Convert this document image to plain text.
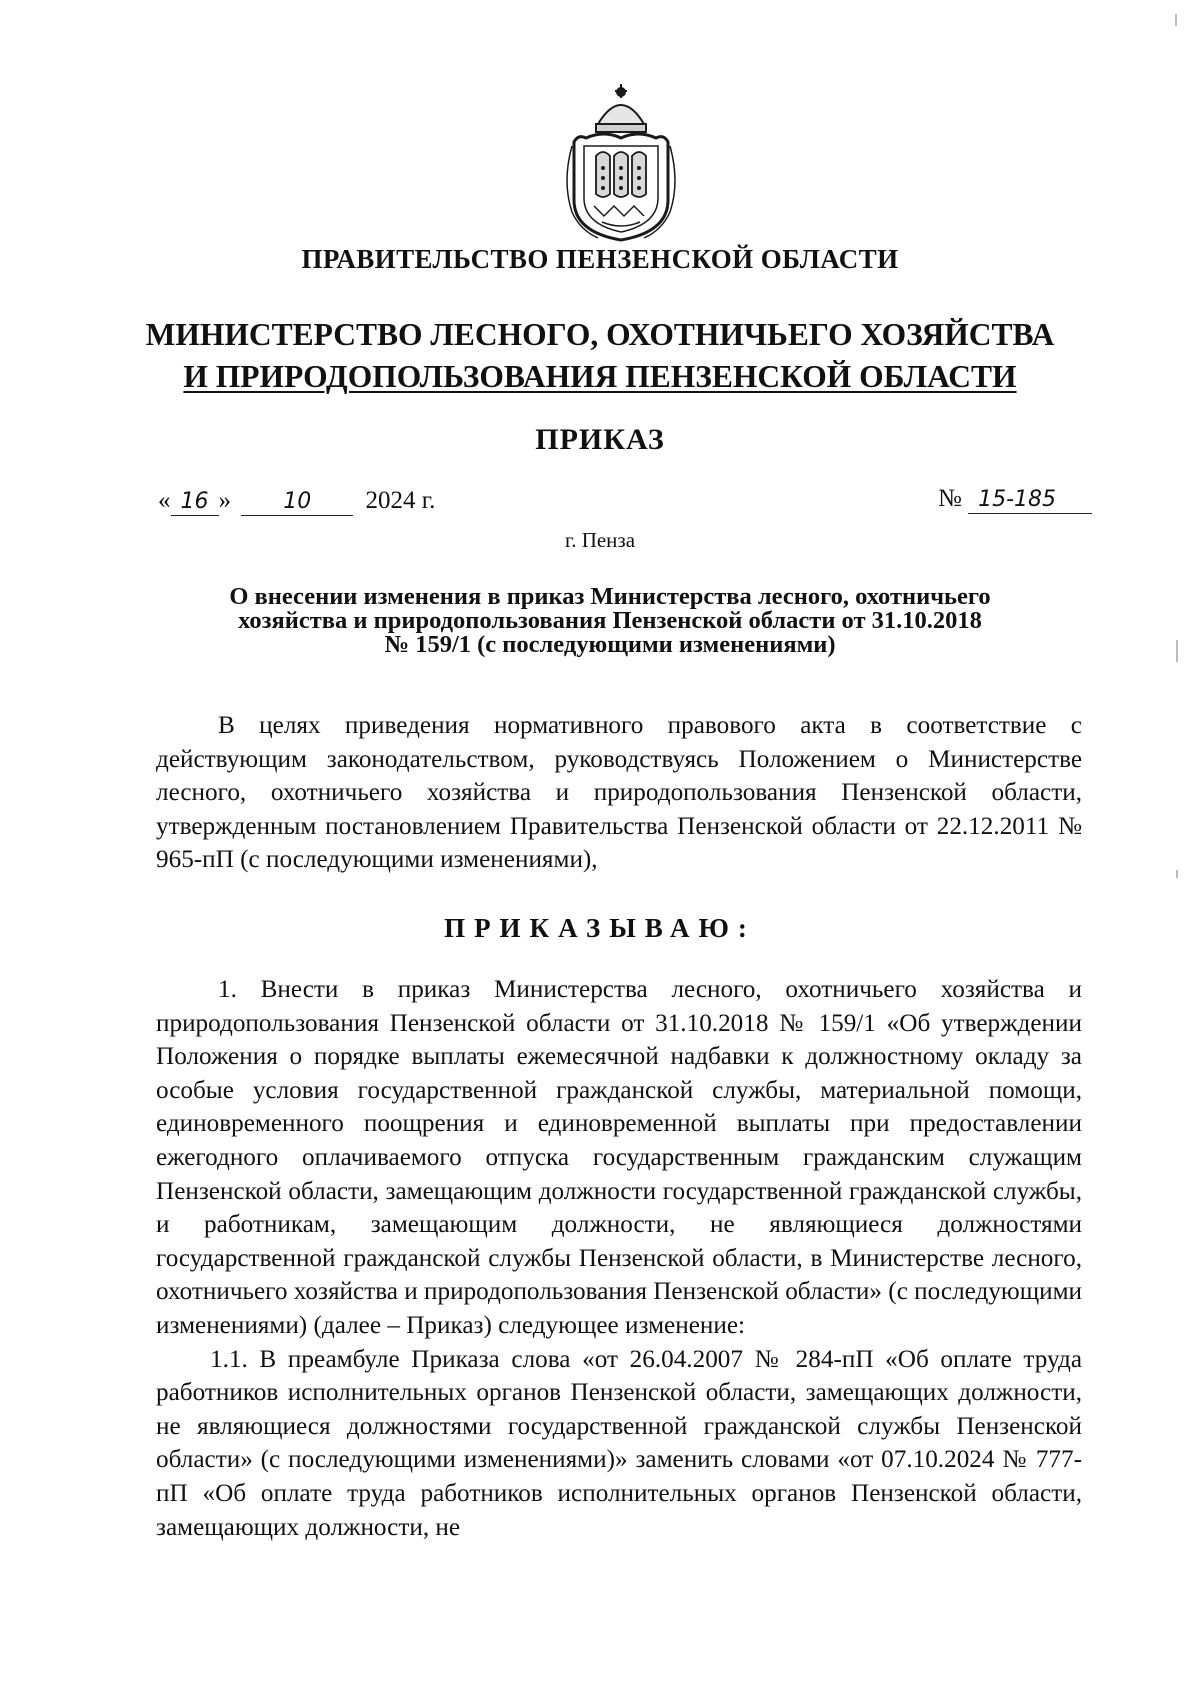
ПРАВИТЕЛЬСТВО ПЕНЗЕНСКОЙ ОБЛАСТИ
МИНИСТЕРСТВО ЛЕСНОГО, ОХОТНИЧЬЕГО ХОЗЯЙСТВА
И ПРИРОДОПОЛЬЗОВАНИЯ ПЕНЗЕНСКОЙ ОБЛАСТИ
ПРИКАЗ
« 16 » 10 2024 г.	№ 15-185
г. Пенза
О внесении изменения в приказ Министерства лесного, охотничьего
хозяйства и природопользования Пензенской области от 31.10.2018
№ 159/1 (с последующими изменениями)

В целях приведения нормативного правового акта в соответствие с действующим законодательством, руководствуясь Положением о Министерстве лесного, охотничьего хозяйства и природопользования Пензенской области, утвержденным постановлением Правительства Пензенской области от 22.12.2011 № 965-пП (с последующими изменениями),

ПРИКАЗЫВАЮ:

1. Внести в приказ Министерства лесного, охотничьего хозяйства и природопользования Пензенской области от 31.10.2018 № 159/1 «Об утверждении Положения о порядке выплаты ежемесячной надбавки к должностному окладу за особые условия государственной гражданской службы, материальной помощи, единовременного поощрения и единовременной выплаты при предоставлении ежегодного оплачиваемого отпуска государственным гражданским служащим Пензенской области, замещающим должности государственной гражданской службы, и работникам, замещающим должности, не являющиеся должностями государственной гражданской службы Пензенской области, в Министерстве лесного, охотничьего хозяйства и природопользования Пензенской области» (с последующими изменениями) (далее – Приказ) следующее изменение:

1.1. В преамбуле Приказа слова «от 26.04.2007 № 284-пП «Об оплате труда работников исполнительных органов Пензенской области, замещающих должности, не являющиеся должностями государственной гражданской службы Пензенской области» (с последующими изменениями)» заменить словами «от 07.10.2024 № 777-пП «Об оплате труда работников исполнительных органов Пензенской области, замещающих должности, не
